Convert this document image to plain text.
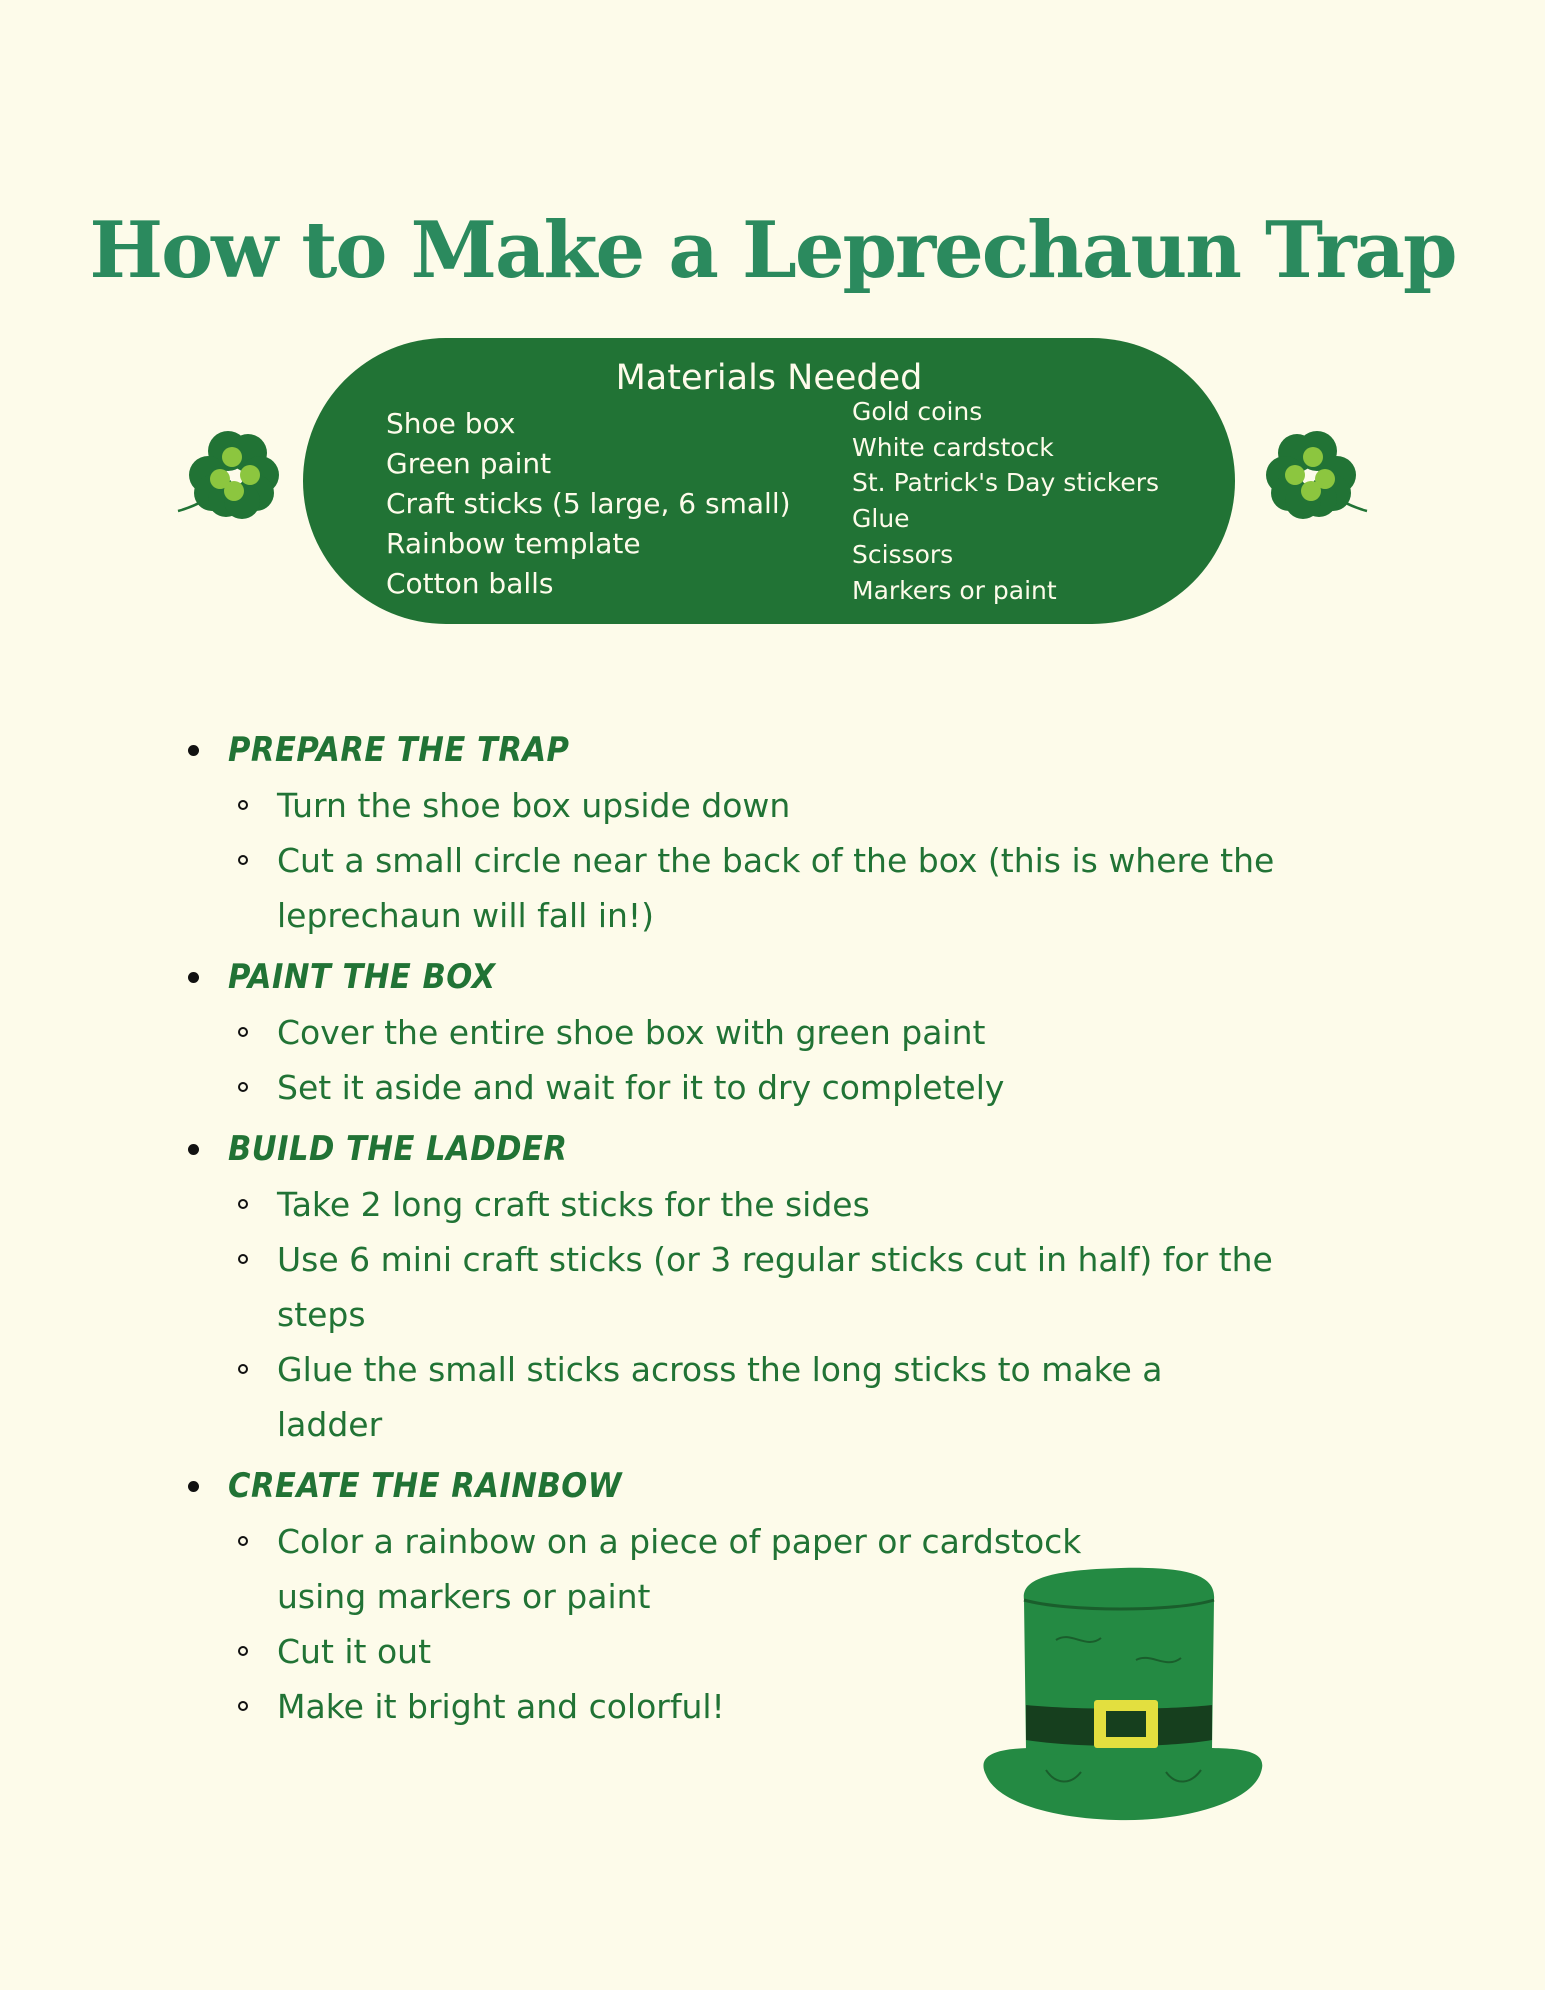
How to Make a Leprechaun Trap
Materials Needed
Shoe box
Green paint
Craft sticks (5 large, 6 small)
Rainbow template
Cotton balls
Gold coins
White cardstock
St. Patrick's Day stickers
Glue
Scissors
Markers or paint
PREPARE THE TRAP
Turn the shoe box upside down
Cut a small circle near the back of the box (this is where the leprechaun will fall in!)
PAINT THE BOX
Cover the entire shoe box with green paint
Set it aside and wait for it to dry completely
BUILD THE LADDER
Take 2 long craft sticks for the sides
Use 6 mini craft sticks (or 3 regular sticks cut in half) for the steps
Glue the small sticks across the long sticks to make a ladder
CREATE THE RAINBOW
Color a rainbow on a piece of paper or cardstock using markers or paint
Cut it out
Make it bright and colorful!
